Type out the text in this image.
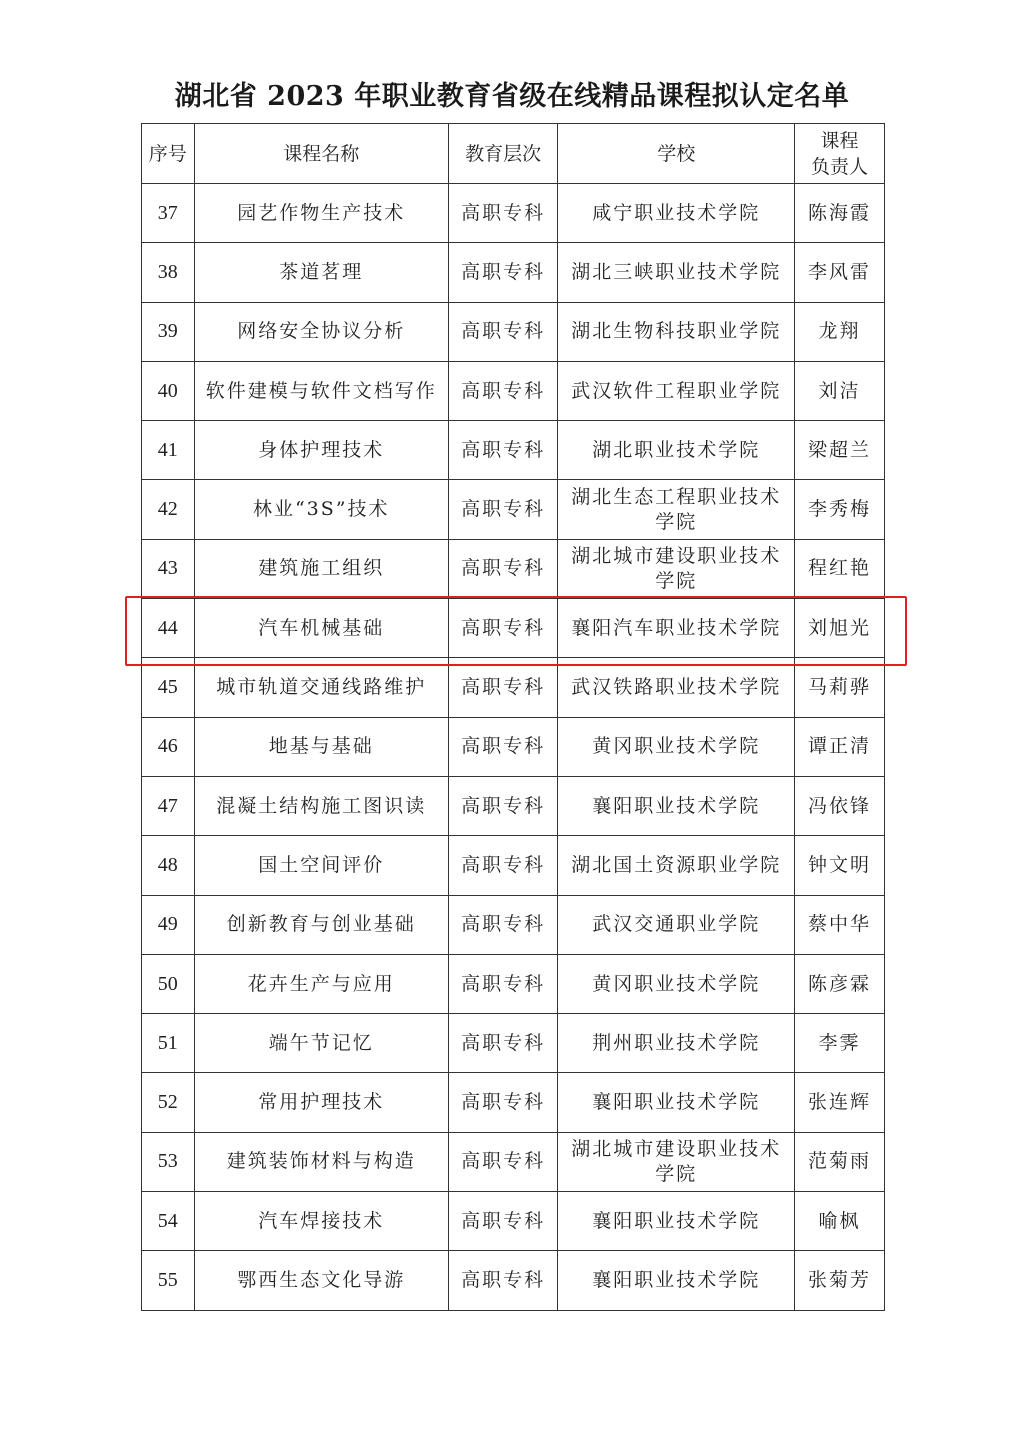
湖北省 2023 年职业教育省级在线精品课程拟认定名单
序号	课程名称	教育层次	学校	课程
负责人
37	园艺作物生产技术	高职专科	咸宁职业技术学院	陈海霞
38	茶道茗理	高职专科	湖北三峡职业技术学院	李风雷
39	网络安全协议分析	高职专科	湖北生物科技职业学院	龙翔
40	软件建模与软件文档写作	高职专科	武汉软件工程职业学院	刘洁
41	身体护理技术	高职专科	湖北职业技术学院	梁超兰
42	林业“3S”技术	高职专科	湖北生态工程职业技术学院	李秀梅
43	建筑施工组织	高职专科	湖北城市建设职业技术学院	程红艳
44	汽车机械基础	高职专科	襄阳汽车职业技术学院	刘旭光
45	城市轨道交通线路维护	高职专科	武汉铁路职业技术学院	马莉骅
46	地基与基础	高职专科	黄冈职业技术学院	谭正清
47	混凝土结构施工图识读	高职专科	襄阳职业技术学院	冯依锋
48	国土空间评价	高职专科	湖北国土资源职业学院	钟文明
49	创新教育与创业基础	高职专科	武汉交通职业学院	蔡中华
50	花卉生产与应用	高职专科	黄冈职业技术学院	陈彦霖
51	端午节记忆	高职专科	荆州职业技术学院	李霁
52	常用护理技术	高职专科	襄阳职业技术学院	张连辉
53	建筑装饰材料与构造	高职专科	湖北城市建设职业技术学院	范菊雨
54	汽车焊接技术	高职专科	襄阳职业技术学院	喻枫
55	鄂西生态文化导游	高职专科	襄阳职业技术学院	张菊芳
